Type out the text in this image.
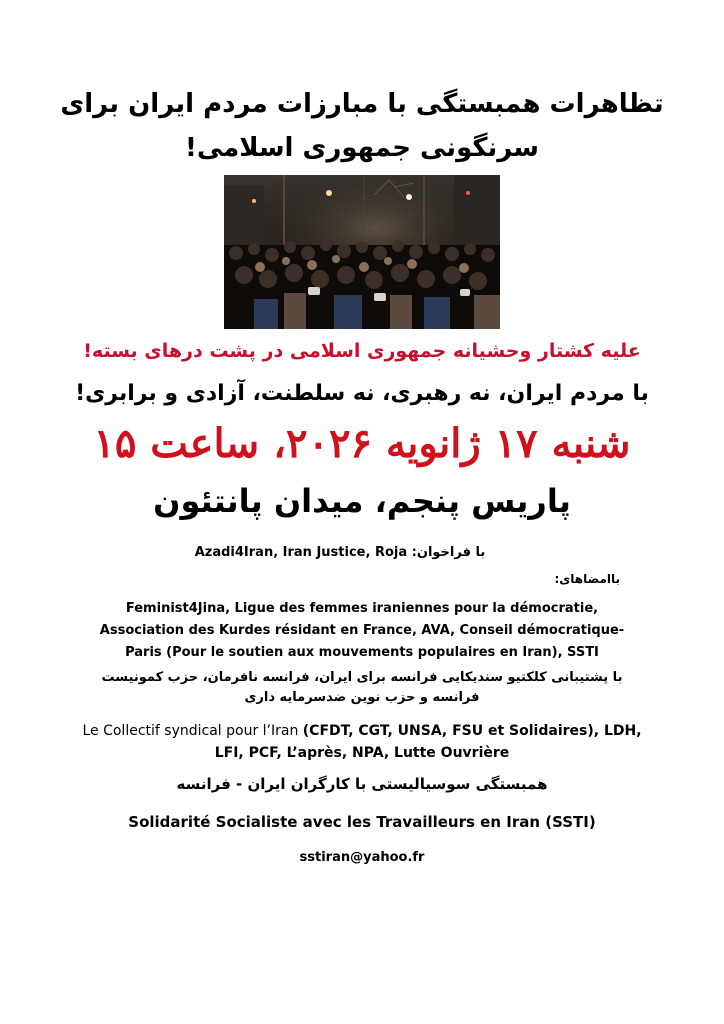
تظاهرات همبستگی با مبارزات مردم ایران برای
سرنگونی جمهوری اسلامی!
علیه کشتار وحشیانه جمهوری اسلامی در پشت درهای بسته!
با مردم ایران، نه رهبری، نه سلطنت، آزادی و برابری!
شنبه ۱۷ ژانویه ۲۰۲۶، ساعت ۱۵
پاریس پنجم، میدان پانتئون
Azadi4Iran, Iran Justice, Roja با فراخوان:
باامضاهای:
Feminist4Jina, Ligue des femmes iraniennes pour la démocratie, Association des Kurdes résidant en France, AVA, Conseil démocratique-Paris (Pour le soutien aux mouvements populaires en Iran), SSTI
با پشتیبانی کلکتیو سندیکایی فرانسه برای ایران، فرانسه نافرمان، حزب کمونیست فرانسه و حزب نوین ضدسرمایه داری
Le Collectif syndical pour l’Iran (CFDT, CGT, UNSA, FSU et Solidaires), LDH, LFI, PCF, L’après, NPA, Lutte Ouvrière
همبستگی سوسیالیستی با کارگران ایران - فرانسه
Solidarité Socialiste avec les Travailleurs en Iran (SSTI)
sstiran@yahoo.fr
